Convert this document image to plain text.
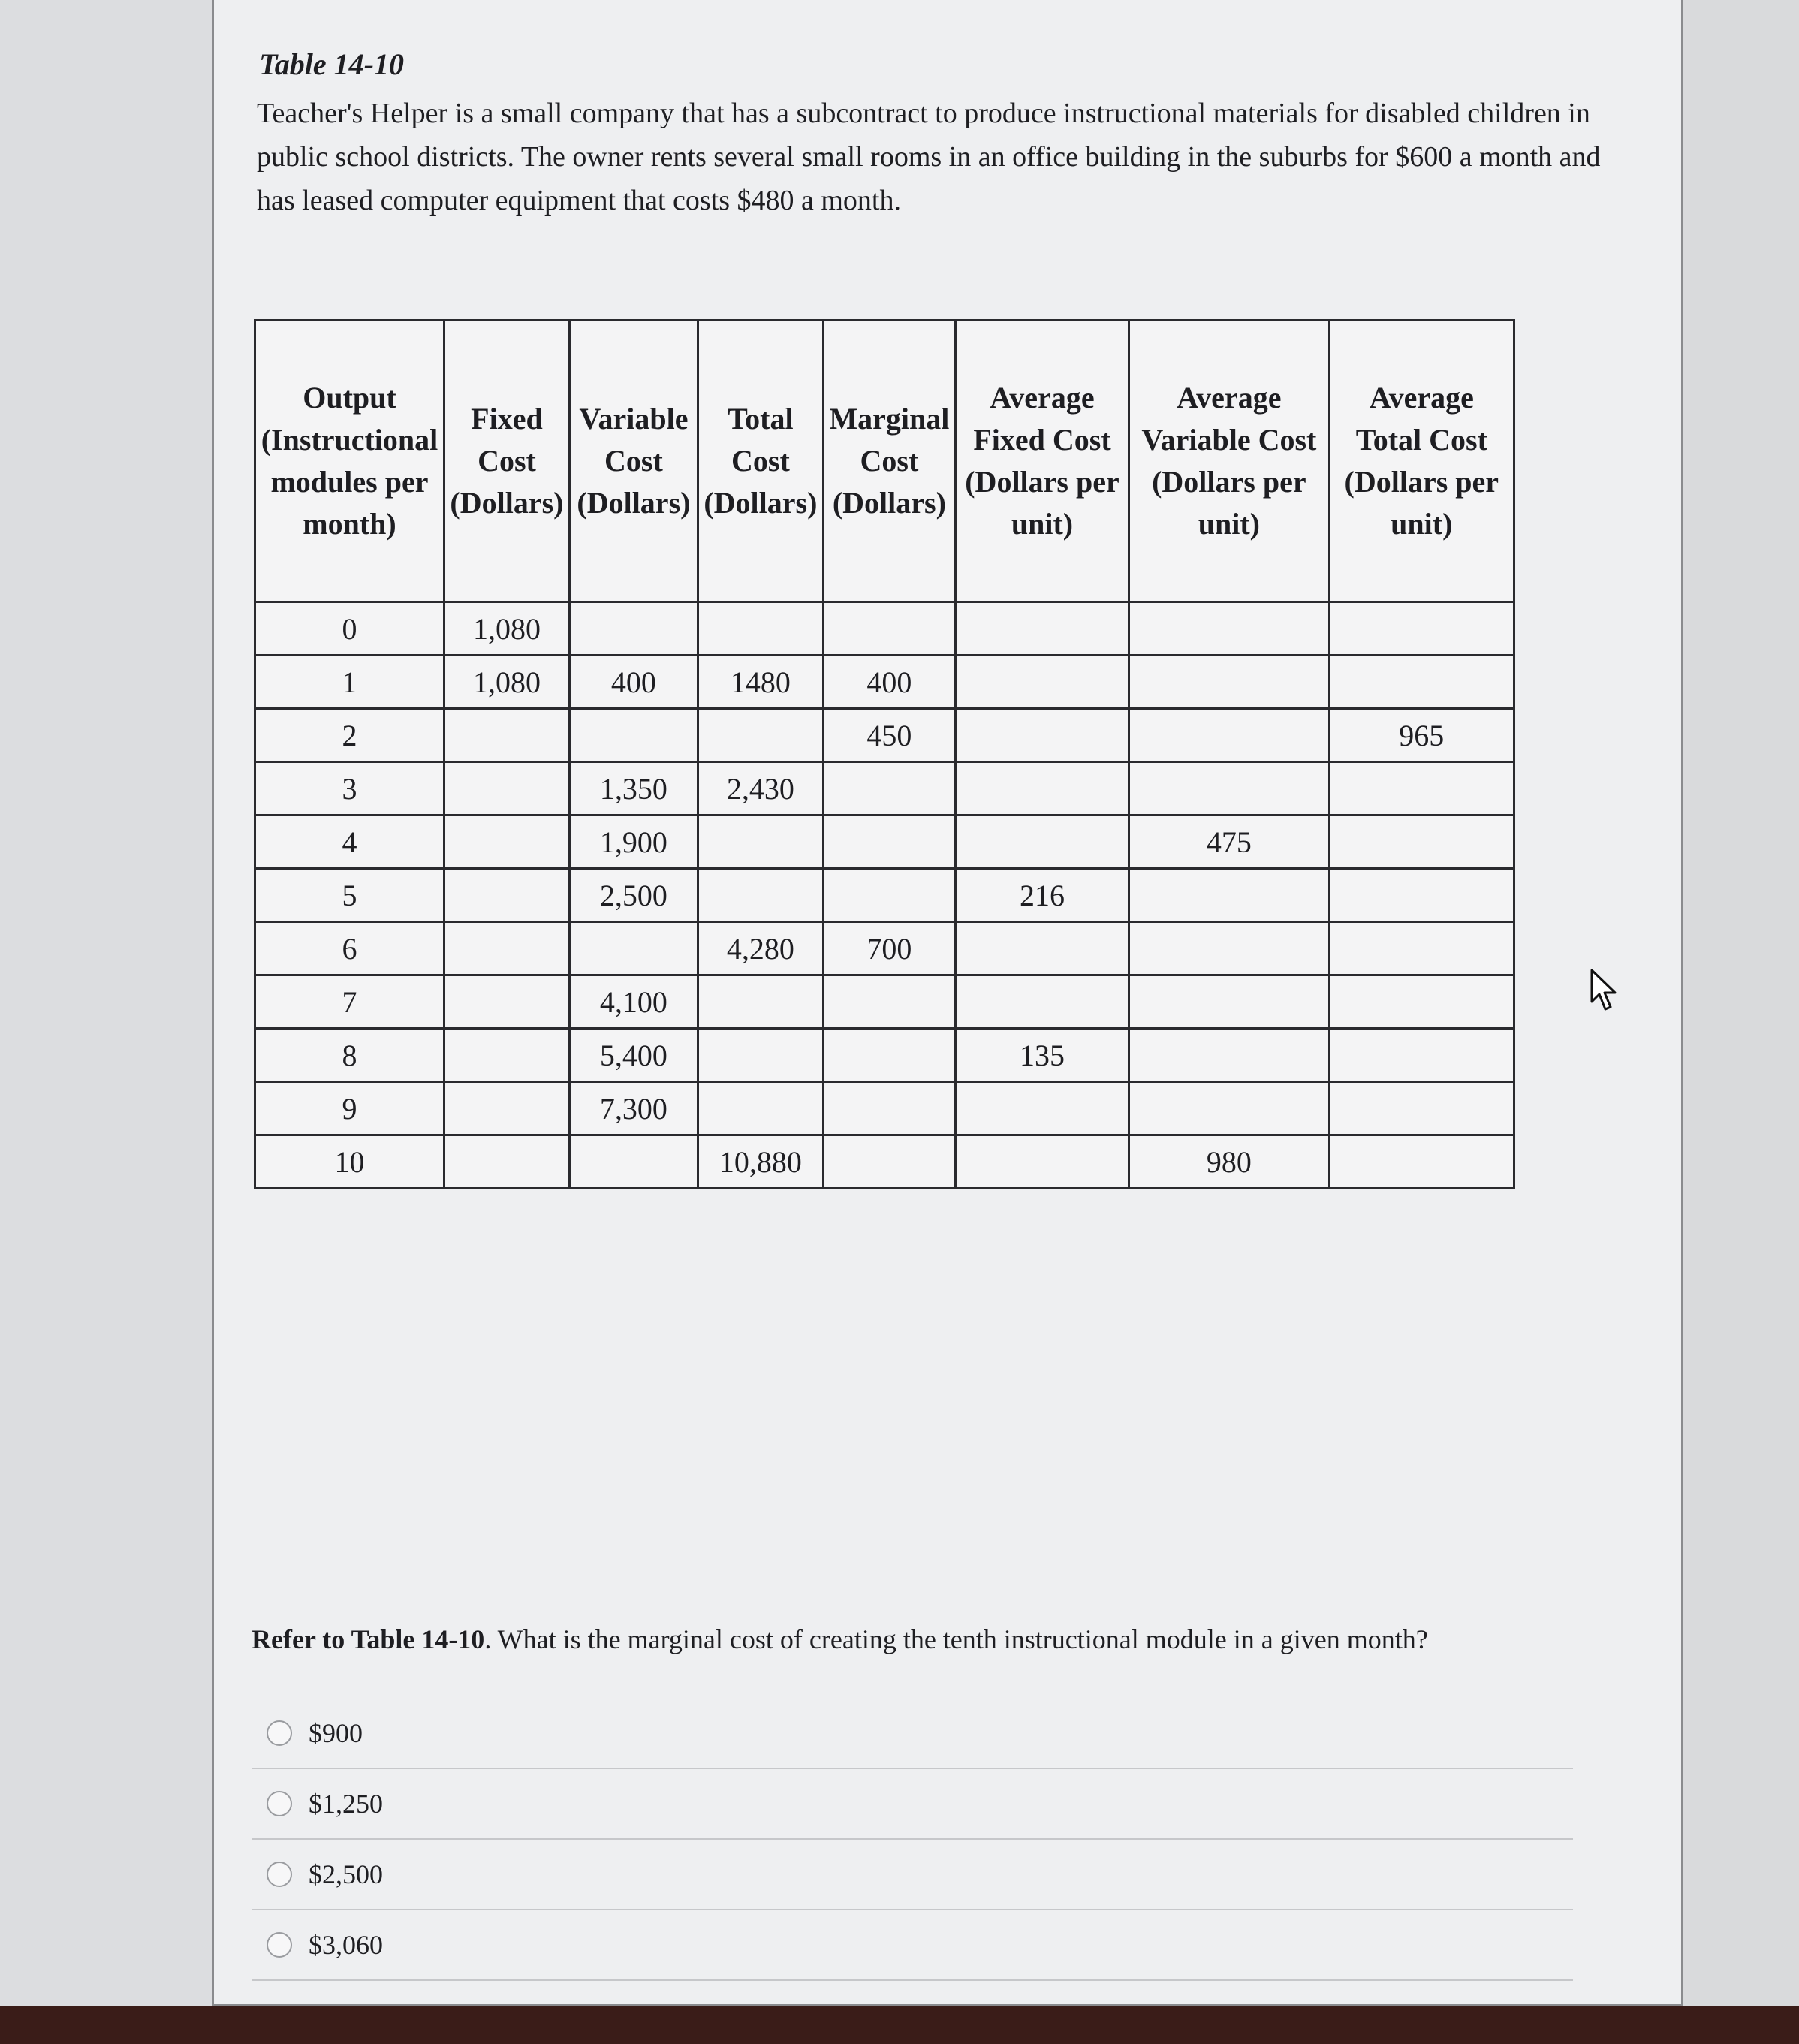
Table 14-10
Teacher's Helper is a small company that has a subcontract to produce instructional materials for disabled children in public school districts. The owner rents several small rooms in an office building in the suburbs for $600 a month and has leased computer equipment that costs $480 a month.
Output (Instructional modules per month)	Fixed Cost (Dollars)	Variable Cost (Dollars)	Total Cost (Dollars)	Marginal Cost (Dollars)	Average Fixed Cost (Dollars per unit)	Average Variable Cost (Dollars per unit)	Average Total Cost (Dollars per unit)
0	1,080						
1	1,080	400	1480	400			
2				450			965
3		1,350	2,430				
4		1,900				475	
5		2,500			216		
6			4,280	700			
7		4,100					
8		5,400			135		
9		7,300					
10			10,880			980	
Refer to Table 14-10. What is the marginal cost of creating the tenth instructional module in a given month?
$900
$1,250
$2,500
$3,060
